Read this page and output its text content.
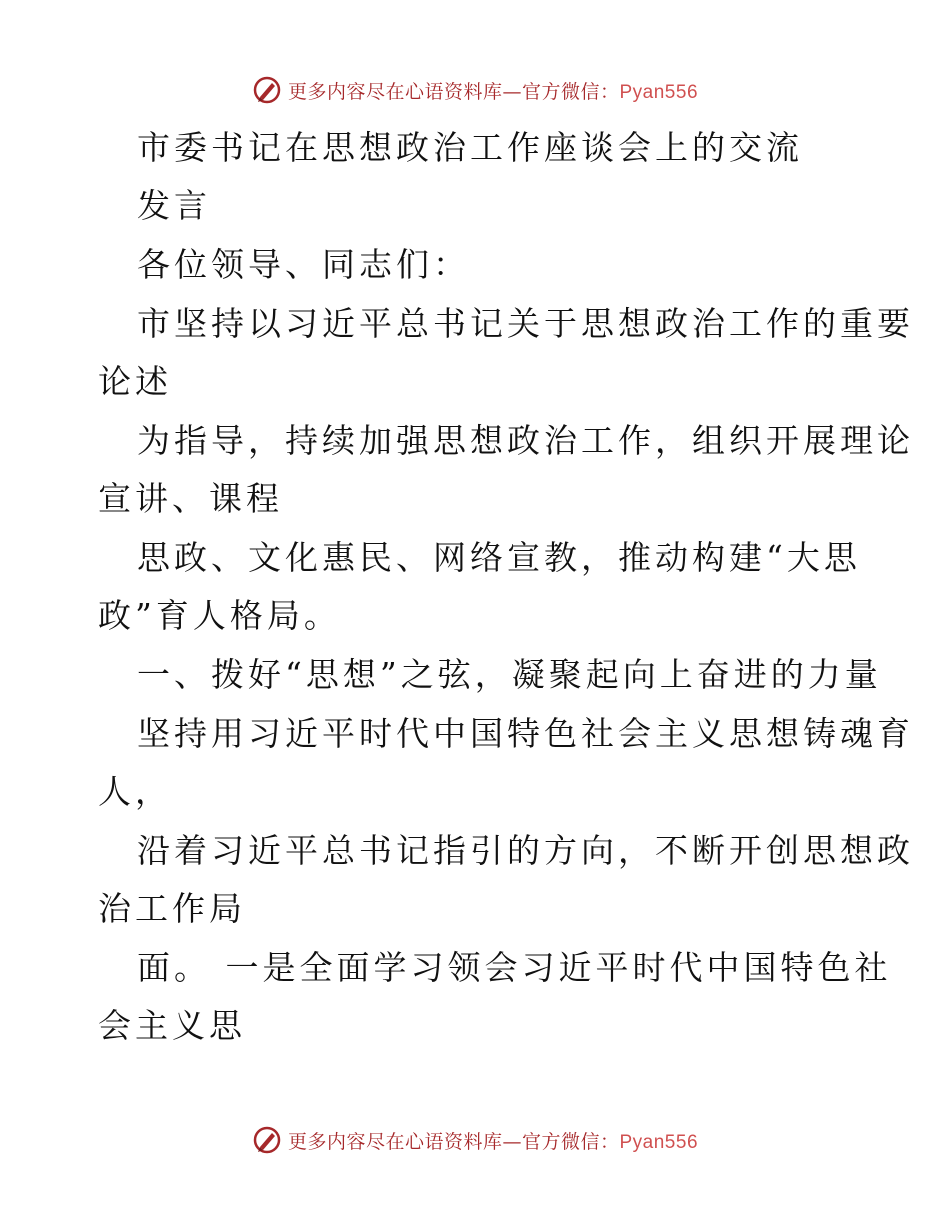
更多内容尽在心语资料库—官方微信：Pyan556
市委书记在思想政治工作座谈会上的交流
发言
各位领导、同志们：
市坚持以习近平总书记关于思想政治工作的重要
论述
为指导，持续加强思想政治工作，组织开展理论
宣讲、课程
思政、文化惠民、网络宣教，推动构建“大思
政”育人格局。
一、拨好“思想”之弦，凝聚起向上奋进的力量
坚持用习近平时代中国特色社会主义思想铸魂育
人，
沿着习近平总书记指引的方向，不断开创思想政
治工作局
面。 一是全面学习领会习近平时代中国特色社
会主义思
更多内容尽在心语资料库—官方微信：Pyan556
